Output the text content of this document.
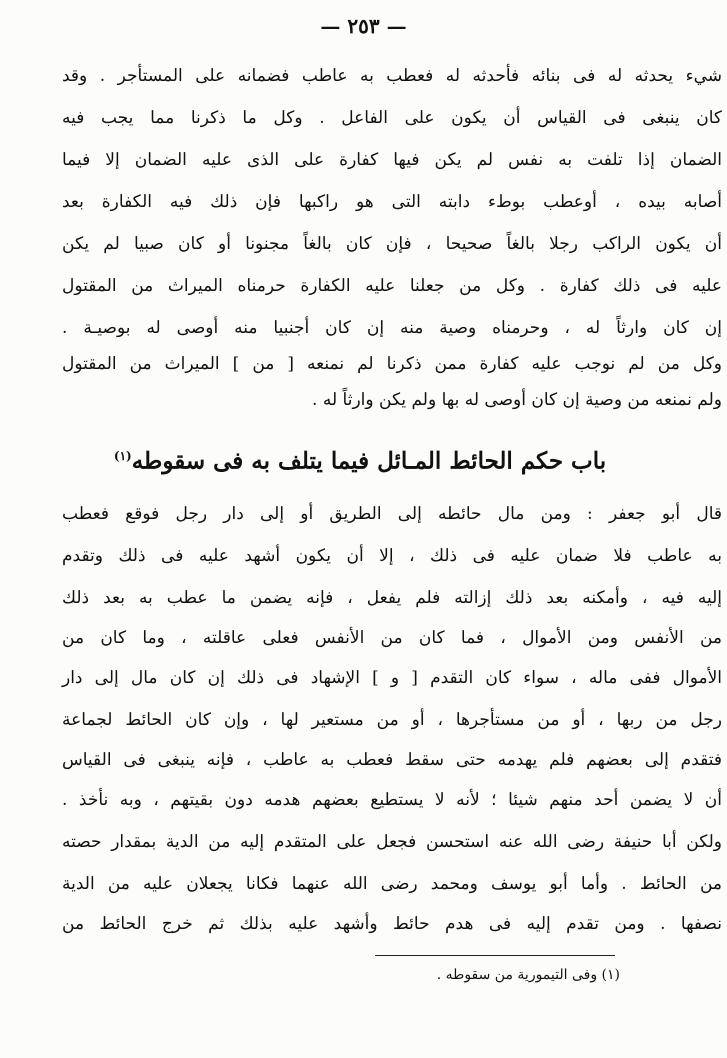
— ٢٥٣ —
شيء يحدثه له فى بنائه فأحدثه له فعطب به عاطب فضمانه على المستأجر . وقد
كان ينبغى فى القياس أن يكون على الفاعل . وكل ما ذكرنا مما يجب فيه
الضمان إذا تلفت به نفس لم يكن فيها كفارة على الذى عليه الضمان إلا فيما
أصابه بيده ، أوعطب بوطء دابته التى هو راكبها فإن ذلك فيه الكفارة بعد
أن يكون الراكب رجلا بالغاً صحيحا ، فإن كان بالغاً مجنونا أو كان صبيا لم يكن
عليه فى ذلك كفارة . وكل من جعلنا عليه الكفارة حرمناه الميراث من المقتول
إن كان وارثاً له ، وحرمناه وصية منه إن كان أجنبيا منه أوصى له بوصيـة .
وكل من لم نوجب عليه كفارة ممن ذكرنا لم نمنعه [ من ] الميراث من المقتول
ولم نمنعه من وصية إن كان أوصى له بها ولم يكن وارثاً له .
باب حكم الحائط المـائل فيما يتلف به فى سقوطه$^{(١)}$
قال أبو جعفر : ومن مال حائطه إلى الطريق أو إلى دار رجل فوقع فعطب
به عاطب فلا ضمان عليه فى ذلك ، إلا أن يكون أشهد عليه فى ذلك وتقدم
إليه فيه ، وأمكنه بعد ذلك إزالته فلم يفعل ، فإنه يضمن ما عطب به بعد ذلك
من الأنفس ومن الأموال ، فما كان من الأنفس فعلى عاقلته ، وما كان من
الأموال ففى ماله ، سواء كان التقدم [ و ] الإشهاد فى ذلك إن كان مال إلى دار
رجل من ربها ، أو من مستأجرها ، أو من مستعير لها ، وإن كان الحائط لجماعة
فتقدم إلى بعضهم فلم يهدمه حتى سقط فعطب به عاطب ، فإنه ينبغى فى القياس
أن لا يضمن أحد منهم شيئا ؛ لأنه لا يستطيع بعضهم هدمه دون بقيتهم ، وبه نأخذ .
ولكن أبا حنيفة رضى الله عنه استحسن فجعل على المتقدم إليه من الدية بمقدار حصته
من الحائط . وأما أبو يوسف ومحمد رضى الله عنهما فكانا يجعلان عليه من الدية
نصفها . ومن تقدم إليه فى هدم حائط وأشهد عليه بذلك ثم خرج الحائط من
(١) وفى التيمورية من سقوطه .
